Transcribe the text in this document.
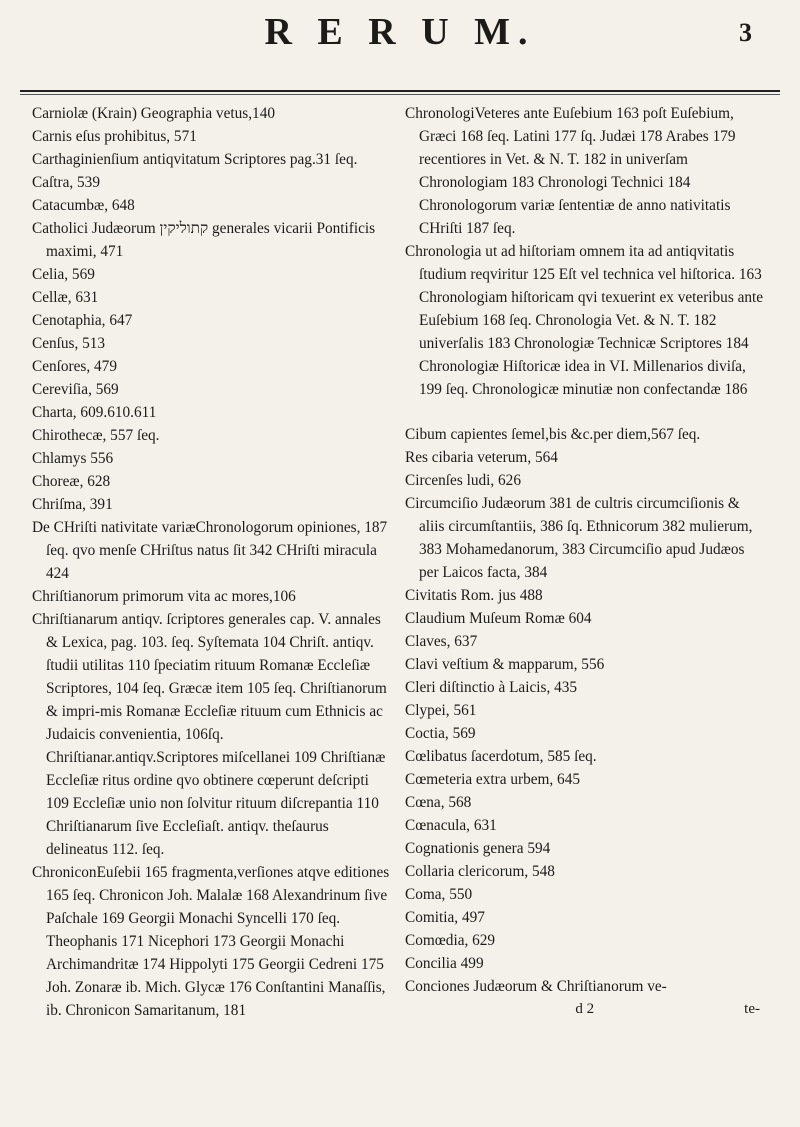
R E R U M.	3

Carniolæ (Krain) Geographia vetus,140

Carnis eſus prohibitus, 571

Carthaginienſium antiqvitatum Scriptores pag.31 ſeq.

Caſtra, 539

Catacumbæ, 648

Catholici Judæorum קתוליקין generales vicarii Pontificis maximi, 471

Celia, 569

Cellæ, 631

Cenotaphia, 647

Cenſus, 513

Cenſores, 479

Cereviſia, 569

Charta, 609.610.611

Chirothecæ, 557 ſeq.

Chlamys 556

Choreæ, 628

Chriſma, 391

De CHriſti nativitate variæChronologorum opiniones, 187 ſeq. qvo menſe CHriſtus natus ſit 342 CHriſti miracula 424

Chriſtianorum primorum vita ac mores,106

Chriſtianarum antiqv. ſcriptores generales cap. V. annales & Lexica, pag. 103. ſeq. Syſtemata 104 Chriſt. antiqv. ſtudii utilitas 110 ſpeciatim rituum Romanæ Eccleſiæ Scriptores, 104 ſeq. Græcæ item 105 ſeq. Chriſtianorum & impri-mis Romanæ Eccleſiæ rituum cum Ethnicis ac Judaicis convenientia, 106ſq. Chriſtianar.antiqv.Scriptores miſcellanei 109 Chriſtianæ Eccleſiæ ritus ordine qvo obtinere cœperunt deſcripti 109 Eccleſiæ unio non ſolvitur rituum diſcrepantia 110 Chriſtianarum ſive Eccleſiaſt. antiqv. theſaurus delineatus 112. ſeq.

ChroniconEuſebii 165 fragmenta,verſiones atqve editiones 165 ſeq. Chronicon Joh. Malalæ 168 Alexandrinum ſive Paſchale 169 Georgii Monachi Syncelli 170 ſeq. Theophanis 171 Nicephori 173 Georgii Monachi Archimandritæ 174 Hippolyti 175 Georgii Cedreni 175 Joh. Zonaræ ib. Mich. Glycæ 176 Conſtantini Manaſſis, ib. Chronicon Samaritanum, 181

ChronologiVeteres ante Euſebium 163 poſt Euſebium, Græci 168 ſeq. Latini 177 ſq. Judæi 178 Arabes 179 recentiores in Vet. & N. T. 182 in univerſam Chronologiam 183 Chronologi Technici 184 Chronologorum variæ ſententiæ de anno nativitatis CHriſti 187 ſeq.

Chronologia ut ad hiſtoriam omnem ita ad antiqvitatis ſtudium reqviritur 125 Eſt vel technica vel hiſtorica. 163 Chronologiam hiſtoricam qvi texuerint ex veteribus ante Euſebium 168 ſeq. Chronologia Vet. & N. T. 182 univerſalis 183 Chronologiæ Technicæ Scriptores 184 Chronologiæ Hiſtoricæ idea in VI. Millenarios diviſa, 199 ſeq. Chronologicæ minutiæ non confectandæ 186

Cibum capientes ſemel,bis &c.per diem,567 ſeq.

Res cibaria veterum, 564

Circenſes ludi, 626

Circumciſio Judæorum 381 de cultris circumciſionis & aliis circumſtantiis, 386 ſq. Ethnicorum 382 mulierum, 383 Mohamedanorum, 383 Circumciſio apud Judæos per Laicos facta, 384

Civitatis Rom. jus 488

Claudium Muſeum Romæ 604

Claves, 637

Clavi veſtium & mapparum, 556

Cleri diſtinctio à Laicis, 435

Clypei, 561

Coctia, 569

Cœlibatus ſacerdotum, 585 ſeq.

Cœmeteria extra urbem, 645

Cœna, 568

Cœnacula, 631

Cognationis genera 594

Collaria clericorum, 548

Coma, 550

Comitia, 497

Comœdia, 629

Concilia 499

Conciones Judæorum & Chriſtianorum ve-

d 2	te-
